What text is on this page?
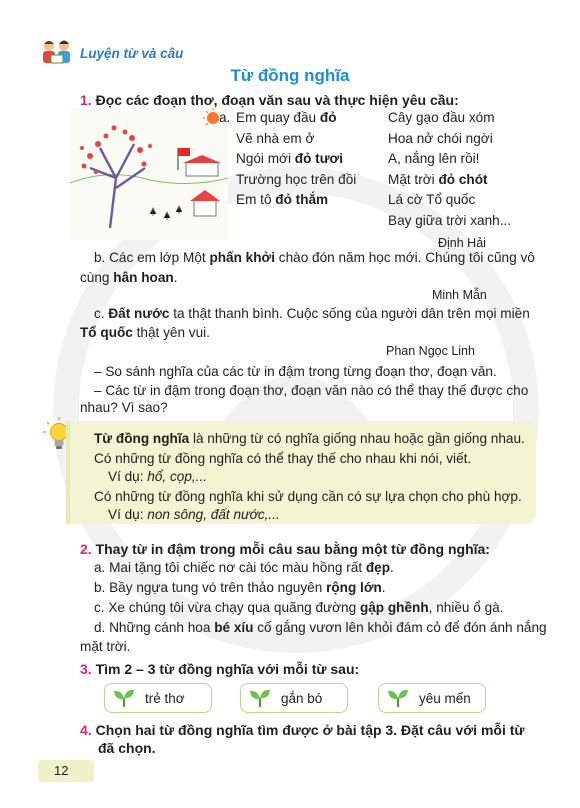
Luyện từ và câu
Từ đồng nghĩa
1. Đọc các đoạn thơ, đoạn văn sau và thực hiện yêu cầu:
a. Em quay đầu đỏ
Vẽ nhà em ở
Ngói mới đỏ tươi
Trường học trên đồi
Em tô đỏ thắm
Cây gạo đầu xóm
Hoa nở chói ngời
A, nắng lên rồi!
Mặt trời đỏ chót
Lá cờ Tổ quốc
Bay giữa trời xanh...
Định Hải
b. Các em lớp Một phấn khởi chào đón năm học mới. Chúng tôi cũng vô
cùng hân hoan.
Minh Mẫn
c. Đất nước ta thật thanh bình. Cuộc sống của người dân trên mọi miền
Tổ quốc thật yên vui.
Phan Ngọc Linh
– So sánh nghĩa của các từ in đậm trong từng đoạn thơ, đoạn văn.
– Các từ in đậm trong đoạn thơ, đoạn văn nào có thể thay thế được cho
nhau? Vì sao?
Từ đồng nghĩa là những từ có nghĩa giống nhau hoặc gần giống nhau.
Có những từ đồng nghĩa có thể thay thế cho nhau khi nói, viết.
Ví dụ: hổ, cọp,...
Có những từ đồng nghĩa khi sử dụng cần có sự lựa chọn cho phù hợp.
Ví dụ: non sông, đất nước,...
2. Thay từ in đậm trong mỗi câu sau bằng một từ đồng nghĩa:
a. Mai tặng tôi chiếc nơ cài tóc màu hồng rất đẹp.
b. Bầy ngựa tung vó trên thảo nguyên rộng lớn.
c. Xe chúng tôi vừa chạy qua quãng đường gập ghềnh, nhiều ổ gà.
d. Những cánh hoa bé xíu cố gắng vươn lên khỏi đám cỏ để đón ánh nắng
mặt trời.
3. Tìm 2 – 3 từ đồng nghĩa với mỗi từ sau:
trẻ thơ	gắn bó	yêu mến
4. Chọn hai từ đồng nghĩa tìm được ở bài tập 3. Đặt câu với mỗi từ
đã chọn.
12
